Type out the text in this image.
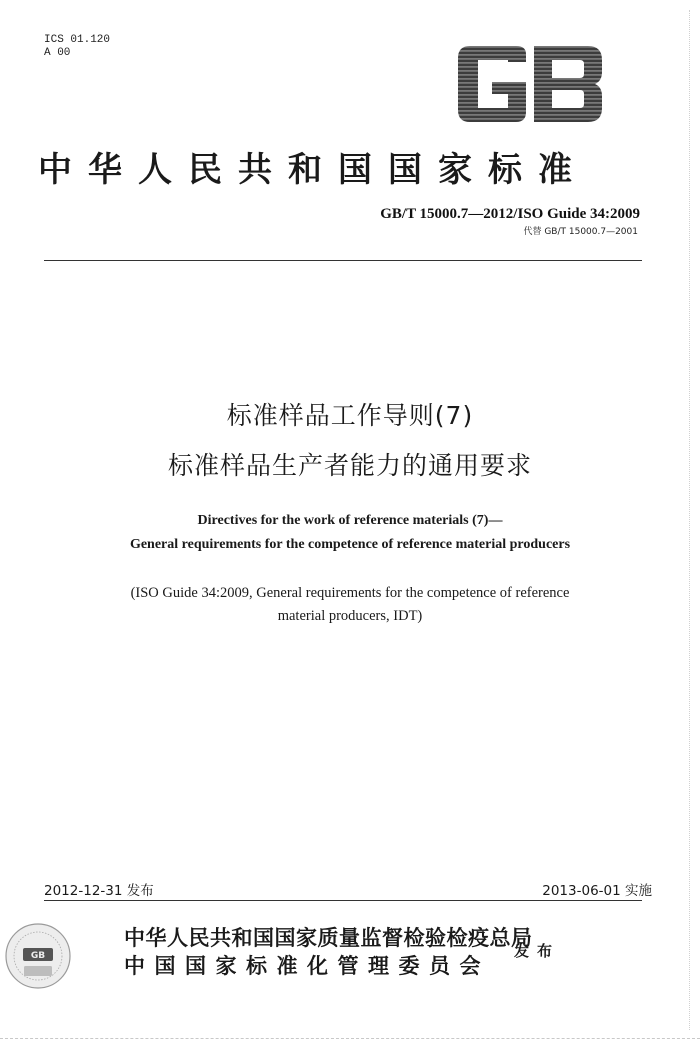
ICS 01.120
A 00
中华人民共和国国家标准
GB/T 15000.7—2012/ISO Guide 34:2009
代替 GB/T 15000.7—2001
标准样品工作导则(7)
标准样品生产者能力的通用要求
Directives for the work of reference materials (7)—
General requirements for the competence of reference material producers
(ISO Guide 34:2009, General requirements for the competence of reference
material producers, IDT)
2012-12-31 发布	2013-06-01 实施
GB
中华人民共和国国家质量监督检验检疫总局
中国国家标准化管理委员会
发布
